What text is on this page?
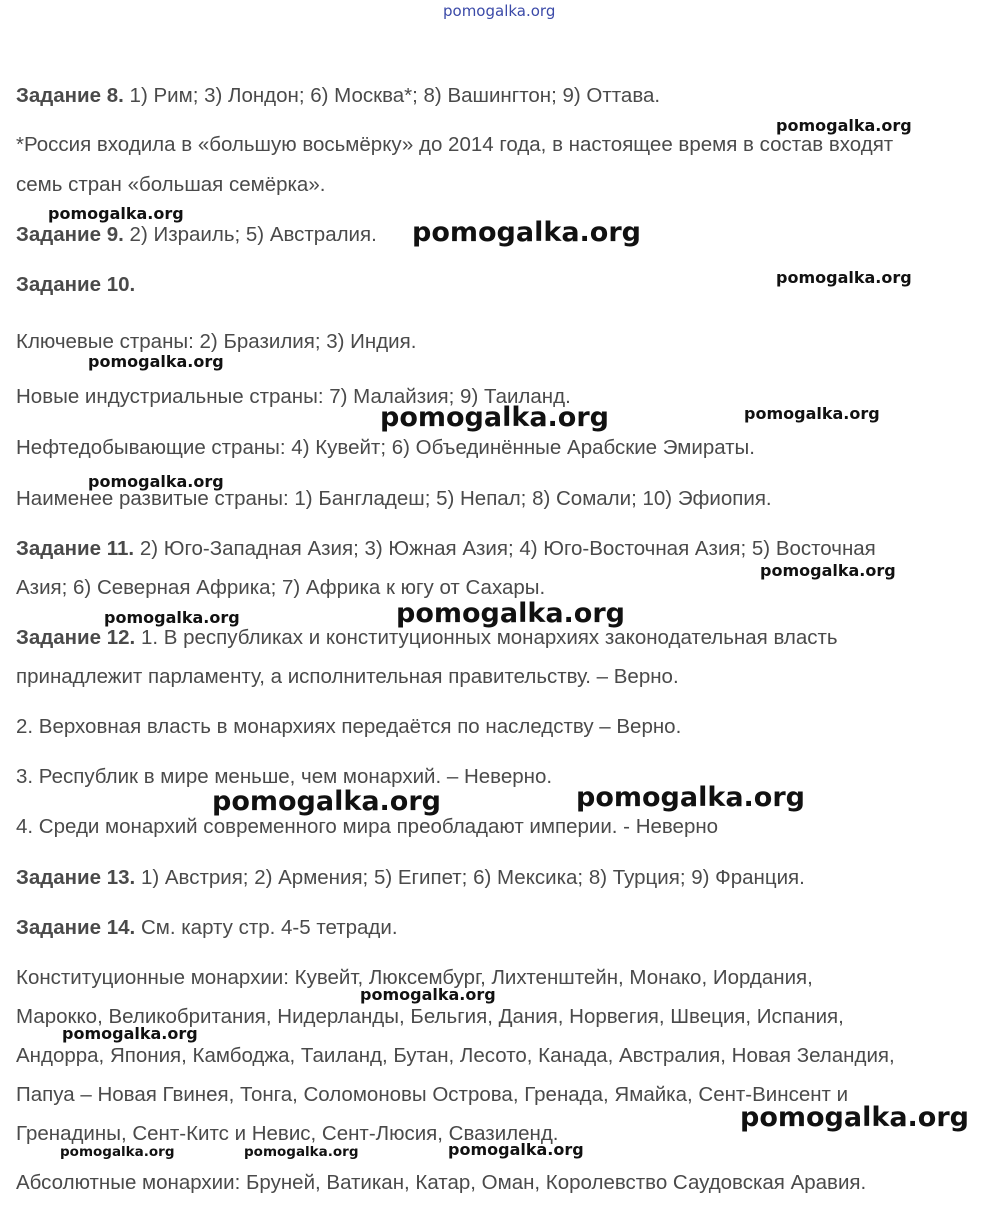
pomogalka.org

Задание 8. 1) Рим; 3) Лондон; 6) Москва*; 8) Вашингтон; 9) Оттава.

*Россия входила в «большую восьмёрку» до 2014 года, в настоящее время в состав входят

семь стран «большая семёрка».

Задание 9. 2) Израиль; 5) Австралия.

Задание 10.

Ключевые страны: 2) Бразилия; 3) Индия.

Новые индустриальные страны: 7) Малайзия; 9) Таиланд.

Нефтедобывающие страны: 4) Кувейт; 6) Объединённые Арабские Эмираты.

Наименее развитые страны: 1) Бангладеш; 5) Непал; 8) Сомали; 10) Эфиопия.

Задание 11. 2) Юго-Западная Азия; 3) Южная Азия; 4) Юго-Восточная Азия; 5) Восточная

Азия; 6) Северная Африка; 7) Африка к югу от Сахары.

Задание 12. 1. В республиках и конституционных монархиях законодательная власть

принадлежит парламенту, а исполнительная правительству. – Верно.

2. Верховная власть в монархиях передаётся по наследству – Верно.

3. Республик в мире меньше, чем монархий. – Неверно.

4. Среди монархий современного мира преобладают империи. - Неверно

Задание 13. 1) Австрия; 2) Армения; 5) Египет; 6) Мексика; 8) Турция; 9) Франция.

Задание 14. См. карту стр. 4-5 тетради.

Конституционные монархии: Кувейт, Люксембург, Лихтенштейн, Монако, Иордания,

Марокко, Великобритания, Нидерланды, Бельгия, Дания, Норвегия, Швеция, Испания,

Андорра, Япония, Камбоджа, Таиланд, Бутан, Лесото, Канада, Австралия, Новая Зеландия,

Папуа – Новая Гвинея, Тонга, Соломоновы Острова, Гренада, Ямайка, Сент-Винсент и

Гренадины, Сент-Китс и Невис, Сент-Люсия, Свазиленд.

Абсолютные монархии: Бруней, Ватикан, Катар, Оман, Королевство Саудовская Аравия.

pomogalka.org
pomogalka.org
pomogalka.org
pomogalka.org
pomogalka.org
pomogalka.org	pomogalka.org
pomogalka.org
pomogalka.org
pomogalka.org	pomogalka.org
pomogalka.org	pomogalka.org
pomogalka.org
pomogalka.org
pomogalka.org
pomogalka.org	pomogalka.org	pomogalka.org
